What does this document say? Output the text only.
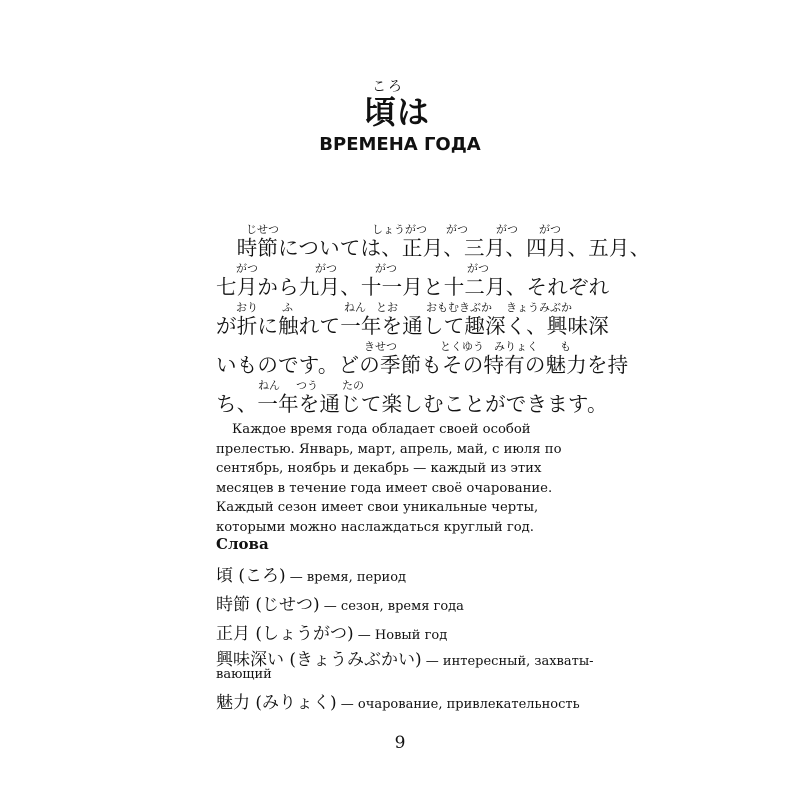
ころ
頃は
ВРЕМЕНА ГОДА
じせつ	しょうがつ がつ	がつ がつ
　時節については、正月、三月、四月、五月、
がつ	がつ	がつ	がつ
七月から九月、十一月と十二月、それぞれ
おり ふ	ねん とお	おもむきぶか きょうみぶか
が折に触れて一年を通して趣深く、興味深
きせつ	とくゆう みりょく も
いものです。どの季節もその特有の魅力を持
ねん つう たの
ち、一年を通じて楽しむことができます。
Каждое время года обладает своей особой прелестью. Январь, март, апрель, май, с июля по сентябрь, ноябрь и декабрь — каждый из этих месяцев в течение года имеет своё очарование. Каждый сезон имеет свои уникальные черты, которыми можно наслаждаться круглый год.
Слова
頃 (ころ) — время, период
時節 (じせつ) — сезон, время года
正月 (しょうがつ) — Новый год
興味深い (きょうみぶかい) — интересный, захваты-
вающий
魅力 (みりょく) — очарование, привлекательность
9
